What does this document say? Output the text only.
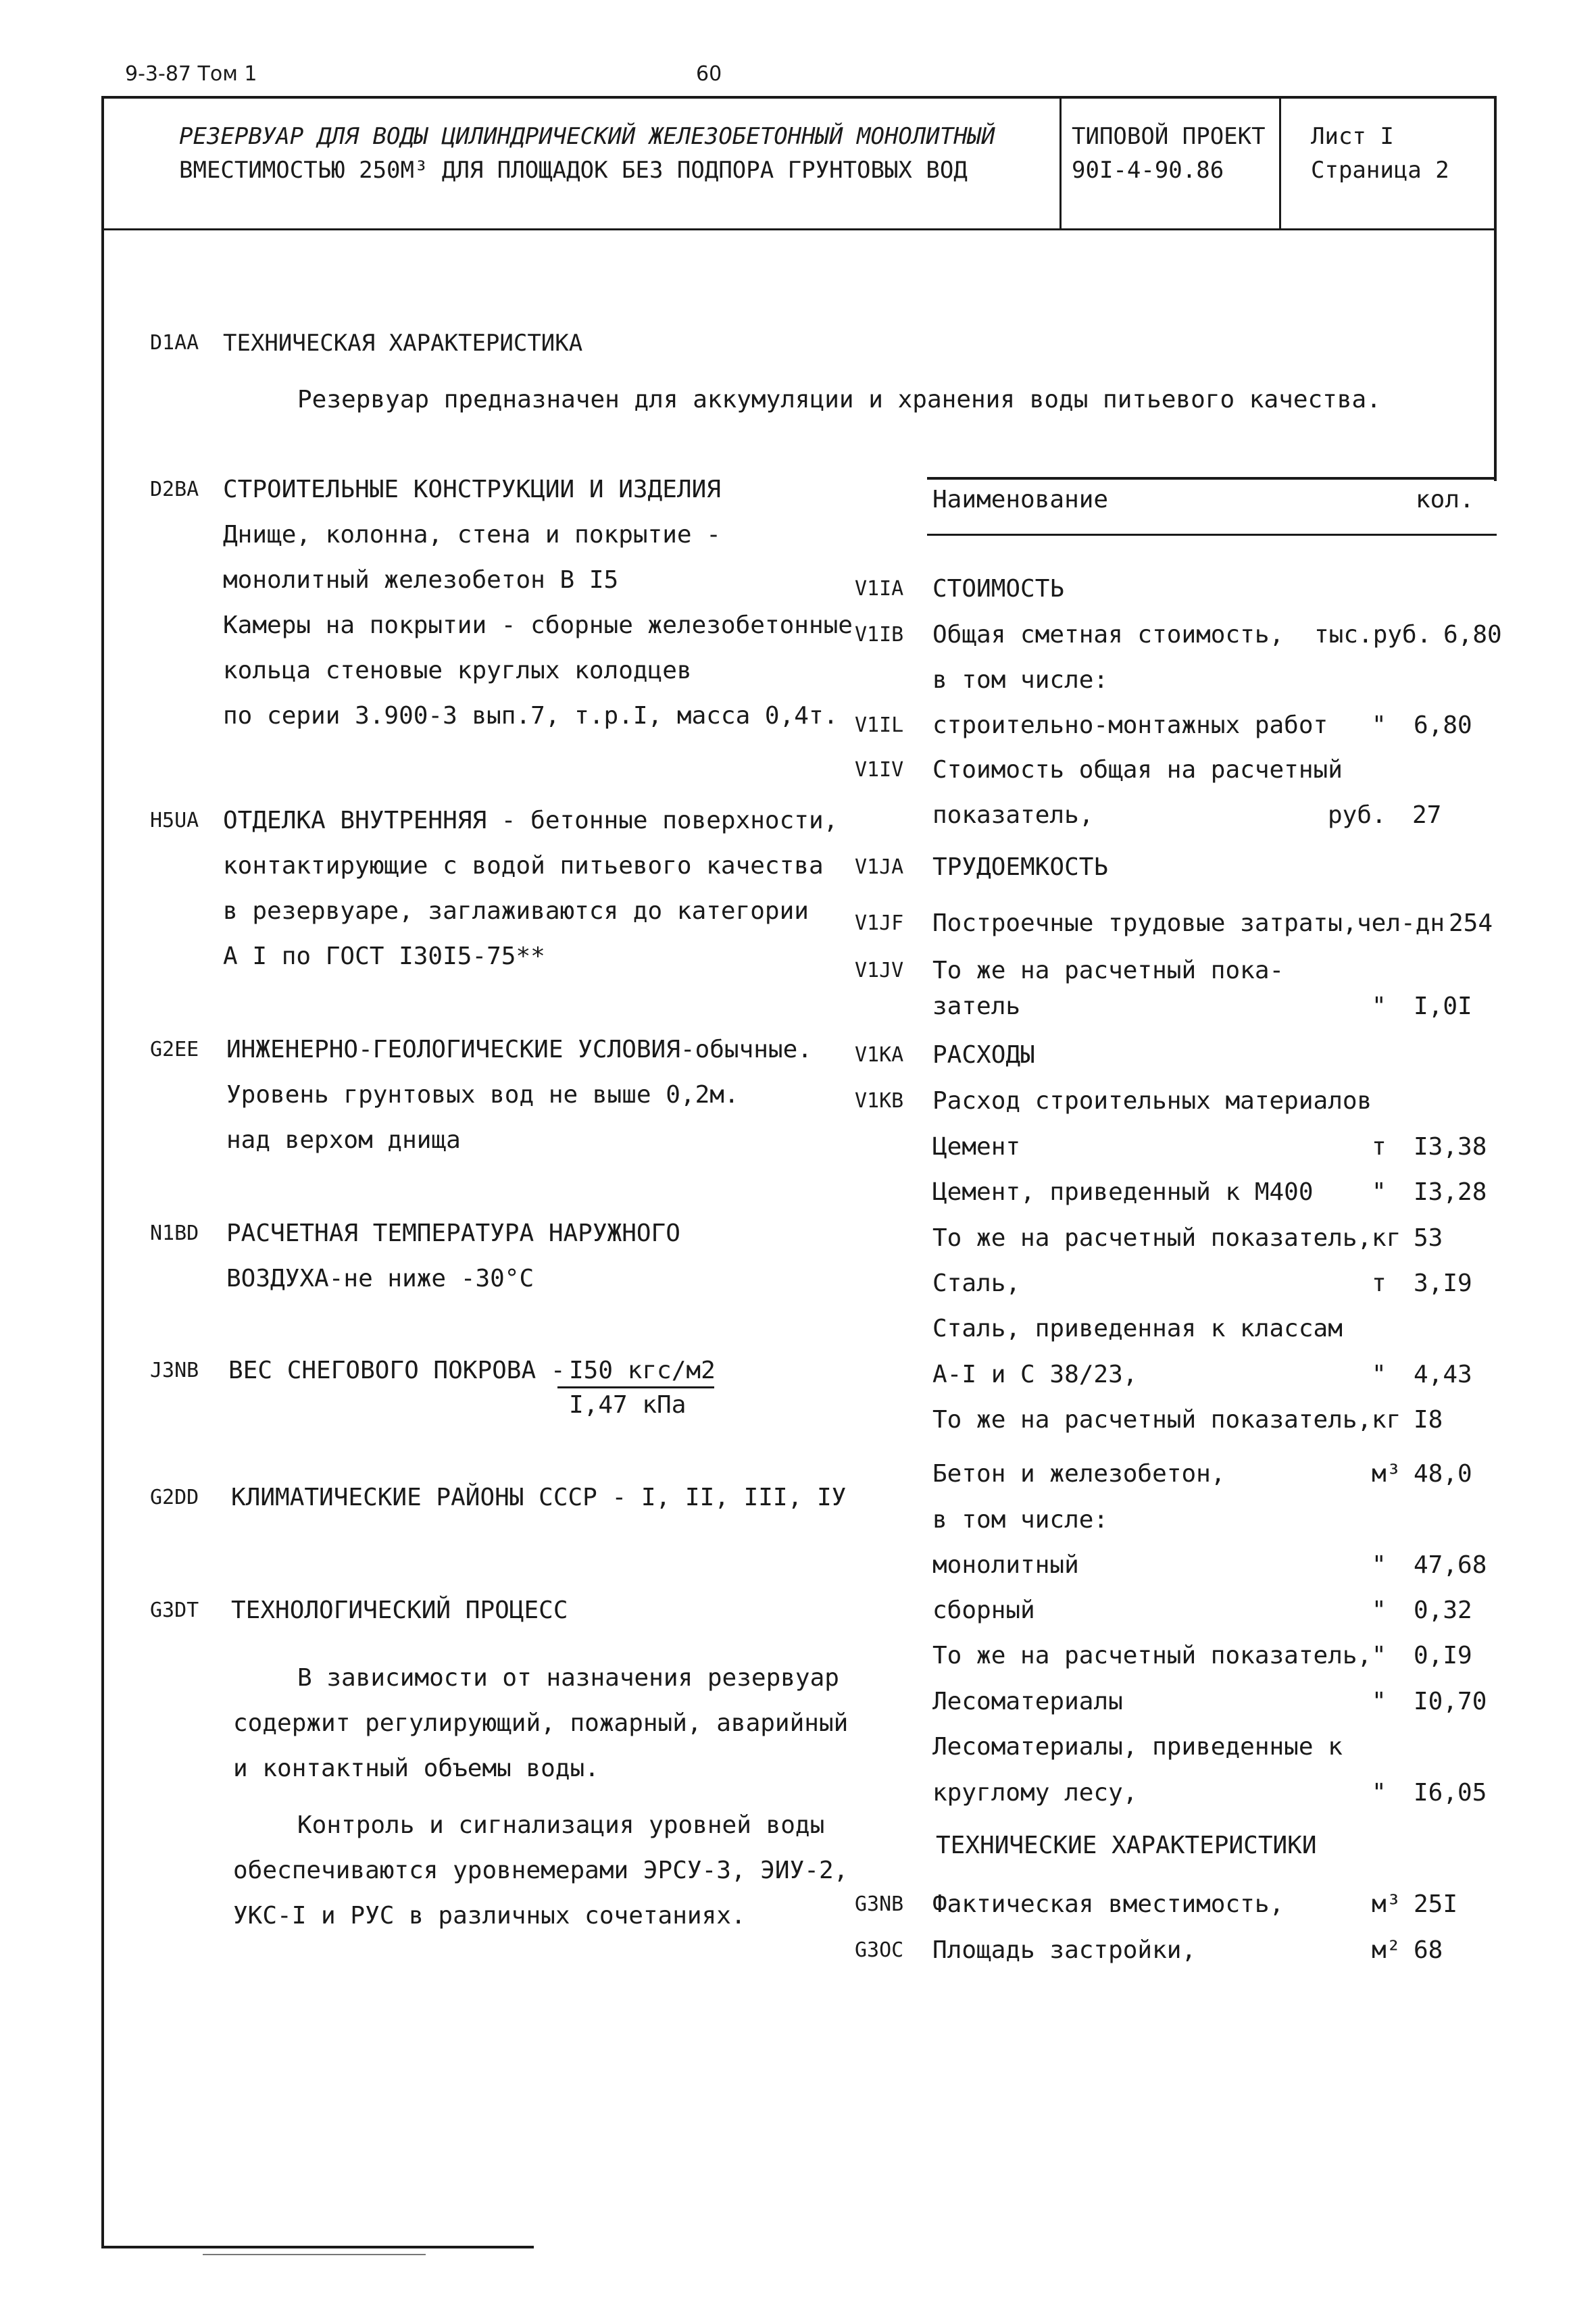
9-3-87 Том 1	60
РЕЗЕРВУАР ДЛЯ ВОДЫ ЦИЛИНДРИЧЕСКИЙ ЖЕЛЕЗОБЕТОННЫЙ МОНОЛИТНЫЙ
ВМЕСТИМОСТЬЮ 250М³ ДЛЯ ПЛОЩАДОК БЕЗ ПОДПОРА ГРУНТОВЫХ ВОД
ТИПОВОЙ ПРОЕКТ
90I-4-90.86
Лист I
Страница 2
D1AA ТЕХНИЧЕСКАЯ ХАРАКТЕРИСТИКА
Резервуар предназначен для аккумуляции и хранения воды питьевого качества.
Наименование	кол.
D2BA СТРОИТЕЛЬНЫЕ КОНСТРУКЦИИ И ИЗДЕЛИЯ
Днище, колонна, стена и покрытие -
монолитный железобетон В I5
Камеры на покрытии - сборные железобетонные
кольца стеновые круглых колодцев
по серии 3.900-3 вып.7, т.р.I, масса 0,4т.
H5UA ОТДЕЛКА ВНУТРЕННЯЯ - бетонные поверхности,
контактирующие с водой питьевого качества
в резервуаре, заглаживаются до категории
А I по ГОСТ I30I5-75**
G2EE ИНЖЕНЕРНО-ГЕОЛОГИЧЕСКИЕ УСЛОВИЯ-обычные.
Уровень грунтовых вод не выше 0,2м.
над верхом днища
N1BD РАСЧЕТНАЯ ТЕМПЕРАТУРА НАРУЖНОГО
ВОЗДУХА-не ниже -30°С
G2DD КЛИМАТИЧЕСКИЕ РАЙОНЫ СССР - I, II, III, IУ
G3DT ТЕХНОЛОГИЧЕСКИЙ ПРОЦЕСС
В зависимости от назначения резервуар
содержит регулирующий, пожарный, аварийный
и контактный объемы воды.
Контроль и сигнализация уровней воды
обеспечиваются уровнемерами ЭРСУ-3, ЭИУ-2,
УКС-I и РУС в различных сочетаниях.
J3NB ВЕС СНЕГОВОГО ПОКРОВА - I50 кгс/м2
I,47 кПа
V1IA СТОИМОСТЬ
V1IB Общая сметная стоимость, тыс.руб. 6,80
в том числе:
V1IL строительно-монтажных работ " 6,80
V1IV Стоимость общая на расчетный
показатель,	руб. 27
V1JA ТРУДОЕМКОСТЬ
V1JF Построечные трудовые затраты, чел-дн 254
V1JV То же на расчетный пока-
затель	" I,0I
V1KA РАСХОДЫ
V1KB Расход строительных материалов
Цемент	т I3,38
Цемент, приведенный к М400 " I3,28
То же на расчетный показатель, кг 53
Сталь,	т 3,I9
Сталь, приведенная к классам
А-I и С 38/23,	" 4,43
То же на расчетный показатель, кг I8
Бетон и железобетон,	м³ 48,0
в том числе:
монолитный	" 47,68
сборный	" 0,32
То же на расчетный показатель, " 0,I9
Лесоматериалы	" I0,70
Лесоматериалы, приведенные к
круглому лесу,	" I6,05
ТЕХНИЧЕСКИЕ ХАРАКТЕРИСТИКИ
G3NB Фактическая вместимость,	м³ 25I
G3OC Площадь застройки,	м² 68
